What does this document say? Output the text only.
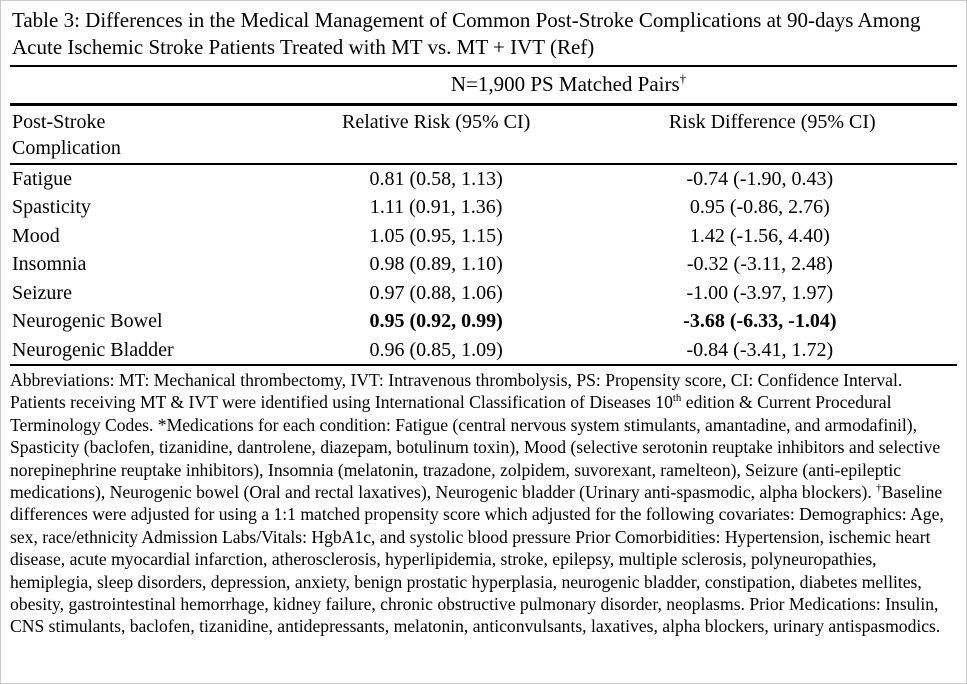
Table 3: Differences in the Medical Management of Common Post-Stroke Complications at 90-days Among Acute Ischemic Stroke Patients Treated with MT vs. MT + IVT (Ref)
N=1,900 PS Matched Pairs†
Post-Stroke Complication	Relative Risk (95% CI)	Risk Difference (95% CI)
Fatigue	0.81 (0.58, 1.13)	-0.74 (-1.90, 0.43)
Spasticity	1.11 (0.91, 1.36)	0.95 (-0.86, 2.76)
Mood	1.05 (0.95, 1.15)	1.42 (-1.56, 4.40)
Insomnia	0.98 (0.89, 1.10)	-0.32 (-3.11, 2.48)
Seizure	0.97 (0.88, 1.06)	-1.00 (-3.97, 1.97)
Neurogenic Bowel	0.95 (0.92, 0.99)	-3.68 (-6.33, -1.04)
Neurogenic Bladder	0.96 (0.85, 1.09)	-0.84 (-3.41, 1.72)

Abbreviations: MT: Mechanical thrombectomy, IVT: Intravenous thrombolysis, PS: Propensity score, CI: Confidence Interval. Patients receiving MT & IVT were identified using International Classification of Diseases 10th edition & Current Procedural Terminology Codes. *Medications for each condition: Fatigue (central nervous system stimulants, amantadine, and armodafinil), Spasticity (baclofen, tizanidine, dantrolene, diazepam, botulinum toxin), Mood (selective serotonin reuptake inhibitors and selective norepinephrine reuptake inhibitors), Insomnia (melatonin, trazadone, zolpidem, suvorexant, ramelteon), Seizure (anti-epileptic medications), Neurogenic bowel (Oral and rectal laxatives), Neurogenic bladder (Urinary anti-spasmodic, alpha blockers). †Baseline differences were adjusted for using a 1:1 matched propensity score which adjusted for the following covariates: Demographics: Age, sex, race/ethnicity Admission Labs/Vitals: HgbA1c, and systolic blood pressure Prior Comorbidities: Hypertension, ischemic heart disease, acute myocardial infarction, atherosclerosis, hyperlipidemia, stroke, epilepsy, multiple sclerosis, polyneuropathies, hemiplegia, sleep disorders, depression, anxiety, benign prostatic hyperplasia, neurogenic bladder, constipation, diabetes mellites, obesity, gastrointestinal hemorrhage, kidney failure, chronic obstructive pulmonary disorder, neoplasms. Prior Medications: Insulin, CNS stimulants, baclofen, tizanidine, antidepressants, melatonin, anticonvulsants, laxatives, alpha blockers, urinary antispasmodics.
